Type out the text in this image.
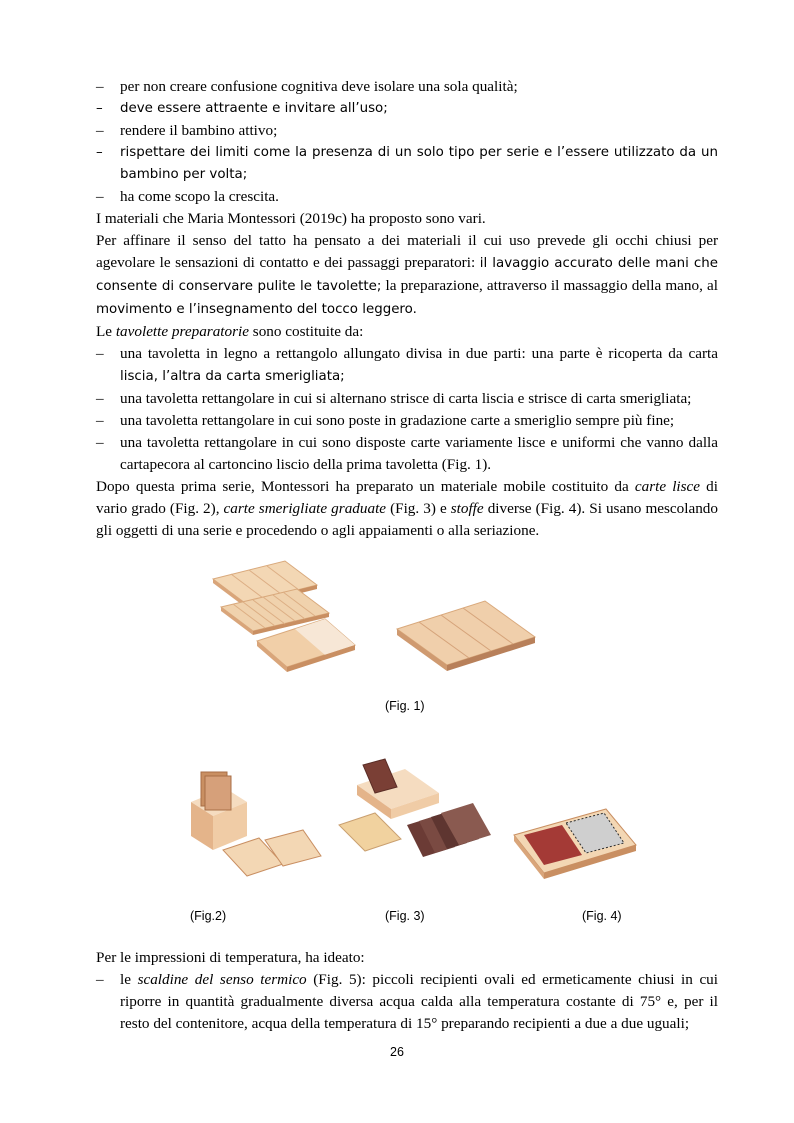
– per non creare confusione cognitiva deve isolare una sola qualità;
– deve essere attraente e invitare all’uso;
– rendere il bambino attivo;
– rispettare dei limiti come la presenza di un solo tipo per serie e l’essere utilizzato da un bambino per volta;
– ha come scopo la crescita.

I materiali che Maria Montessori (2019c) ha proposto sono vari.

Per affinare il senso del tatto ha pensato a dei materiali il cui uso prevede gli occhi chiusi per agevolare le sensazioni di contatto e dei passaggi preparatori: il lavaggio accurato delle mani che consente di conservare pulite le tavolette; la preparazione, attraverso il massaggio della mano, al movimento e l’insegnamento del tocco leggero.

Le tavolette preparatorie sono costituite da:

– una tavoletta in legno a rettangolo allungato divisa in due parti: una parte è ricoperta da carta liscia, l’altra da carta smerigliata;
– una tavoletta rettangolare in cui si alternano strisce di carta liscia e strisce di carta smerigliata;
– una tavoletta rettangolare in cui sono poste in gradazione carte a smeriglio sempre più fine;
– una tavoletta rettangolare in cui sono disposte carte variamente lisce e uniformi che vanno dalla cartapecora al cartoncino liscio della prima tavoletta (Fig. 1).

Dopo questa prima serie, Montessori ha preparato un materiale mobile costituito da carte lisce di vario grado (Fig. 2), carte smerigliate graduate (Fig. 3) e stoffe diverse (Fig. 4). Si usano mescolando gli oggetti di una serie e procedendo o agli appaiamenti o alla seriazione.

(Fig. 1)
(Fig.2)	(Fig. 3)	(Fig. 4)

Per le impressioni di temperatura, ha ideato:

– le scaldine del senso termico (Fig. 5): piccoli recipienti ovali ed ermeticamente chiusi in cui riporre in quantità gradualmente diversa acqua calda alla temperatura costante di 75° e, per il resto del contenitore, acqua della temperatura di 15° preparando recipienti a due a due uguali;
26
